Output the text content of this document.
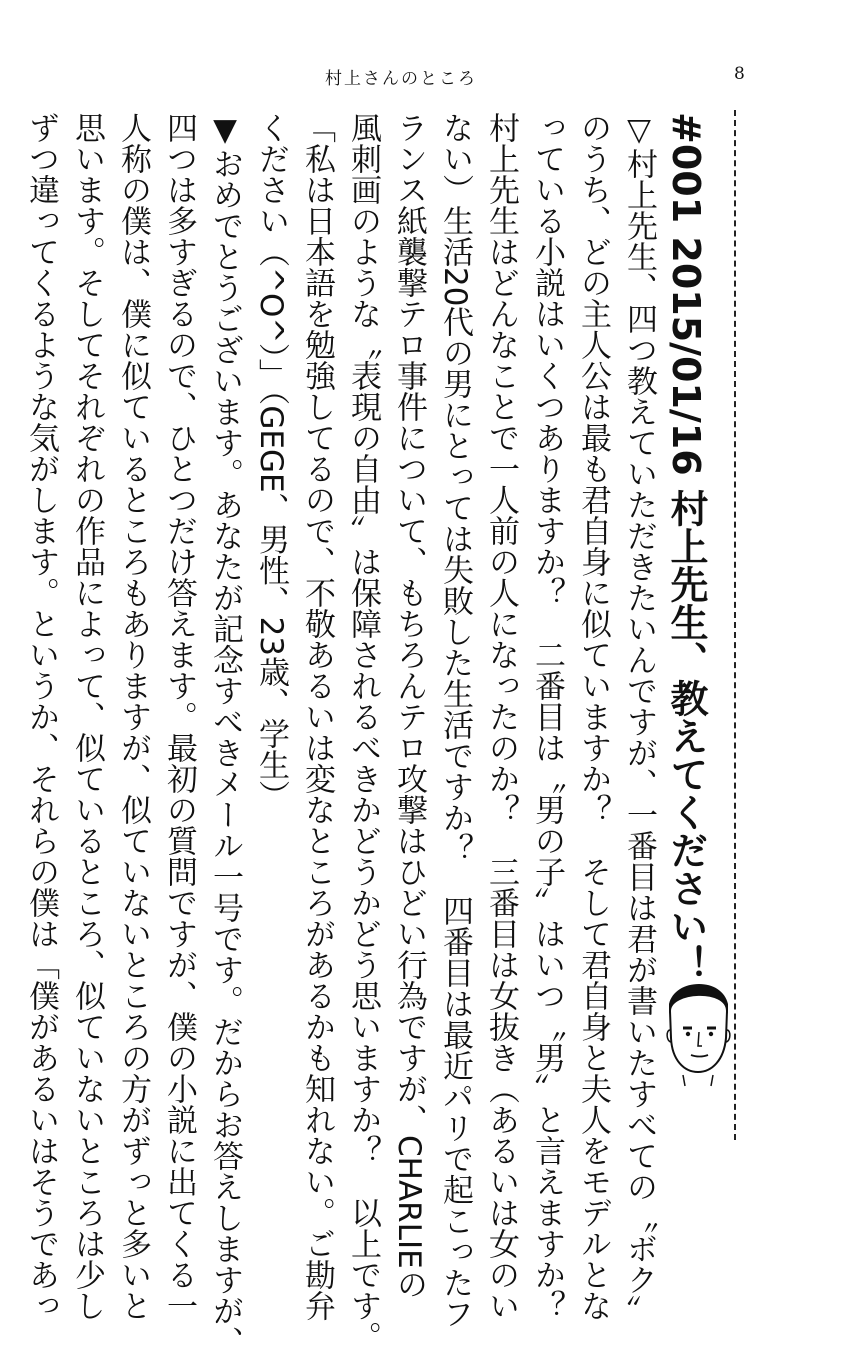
村上さんのところ	8
#001 2015/01/16 村上先生、教えてください！
▽村上先生、四つ教えていただきたいんですが、一番目は君が書いたすべての〝ボク〟
のうち、どの主人公は最も君自身に似ていますか？　そして君自身と夫人をモデルとな
っている小説はいくつありますか？　二番目は〝男の子〟はいつ〝男〟と言えますか？
村上先生はどんなことで一人前の人になったのか？　三番目は女抜き（あるいは女のい
ない）生活20代の男にとっては失敗した生活ですか？　四番目は最近パリで起こったフ
ランス紙襲撃テロ事件について、もちろんテロ攻撃はひどい行為ですが、CHARLIEの
風刺画のような〝表現の自由〟は保障されるべきかどうかどう思いますか？　以上です。
「私は日本語を勉強してるので、不敬あるいは変なところがあるかも知れない。ご勘弁
ください（^O^）」（GEGE、男性、23歳、学生）
▼おめでとうございます。あなたが記念すべきメール一号です。だからお答えしますが、
四つは多すぎるので、ひとつだけ答えます。最初の質問ですが、僕の小説に出てくる一
人称の僕は、僕に似ているところもありますが、似ていないところの方がずっと多いと
思います。そしてそれぞれの作品によって、似ているところ、似ていないところは少し
ずつ違ってくるような気がします。というか、それらの僕は「僕があるいはそうであっ
